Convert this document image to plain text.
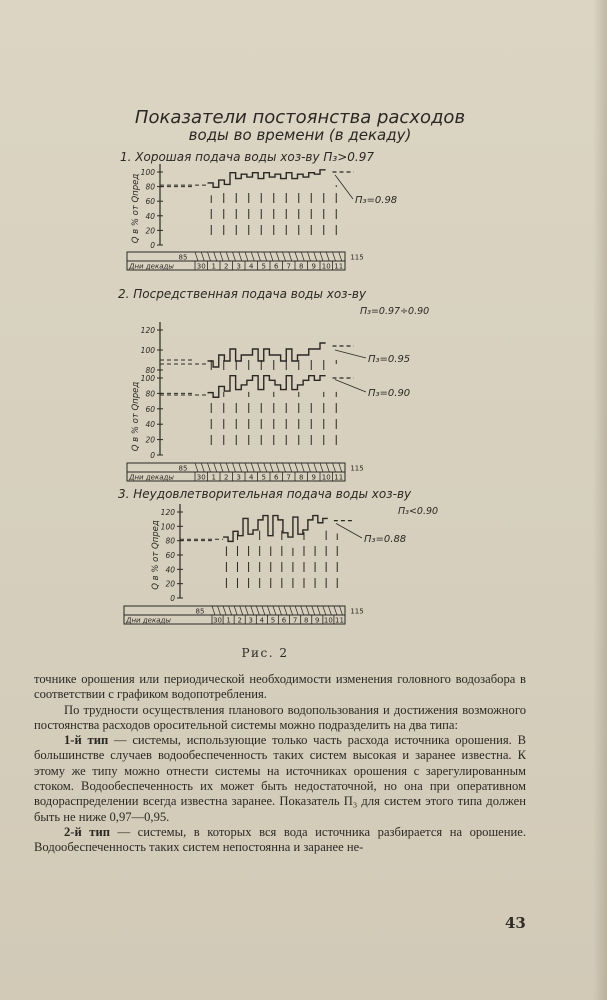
Показатели постоянства расходов
воды во времени (в декаду)
1. Хорошая подача воды хоз-ву П₃>0.97
0
20
40
60
80
100
Q в % от Qпред	П₃=0.98
85	115
Дни декады	30 1 2 3 4 5 6 7 8 9 10 11
2. Посредственная подача воды хоз-ву
П₃=0.97÷0.90
80
100
120
П₃=0.95
0
20
40
60
80
100
Q в % от Qпред	П₃=0.90
85	115
Дни декады	30 1 2 3 4 5 6 7 8 9 10 11
3. Неудовлетворительная подача воды хоз-ву
П₃<0.90
0
20
40
60
80
100
120
Q в % от Qпред	П₃=0.88
85	115
Дни декады	30 1 2 3 4 5 6 7 8 9 10 11
Рис. 2

точнике орошения или периодической необходимости изменения головного водозабора в соответствии с графиком водопотребления.

По трудности осуществления планового водопользования и достижения возможного постоянства расходов оросительной системы можно подразделить на два типа:

1-й тип — системы, использующие только часть расхода источника орошения. В большинстве случаев водообеспеченность таких систем высокая и заранее известна. К этому же типу можно отнести системы на источниках орошения с зарегулированным стоком. Водообеспеченность их может быть недостаточной, но она при оперативном водораспределении всегда известна заранее. Показатель П₃ для систем этого типа должен быть не ниже 0,97—0,95.

2-й тип — системы, в которых вся вода источника разбирается на орошение. Водообеспеченность таких систем непостоянна и заранее не-

43
